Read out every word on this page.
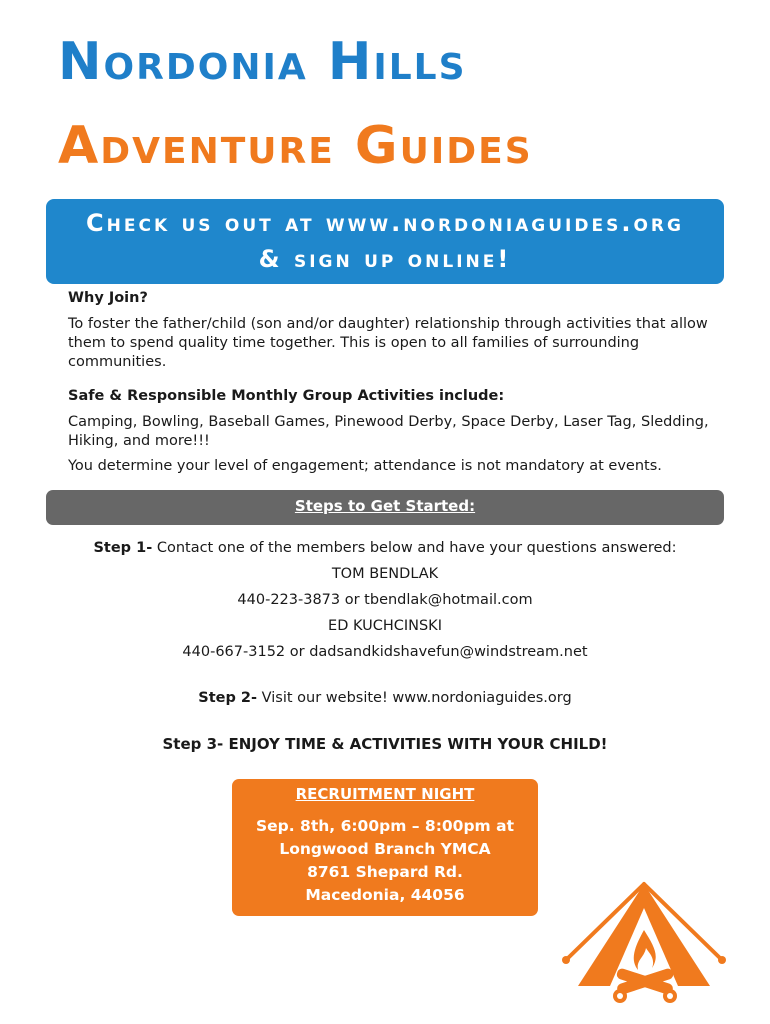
Nordonia Hills
Adventure Guides
Check us out at www.nordoniaguides.org
& sign up online!

Why Join?

To foster the father/child (son and/or daughter) relationship through activities that allow them to spend quality time together. This is open to all families of surrounding communities.

Safe & Responsible Monthly Group Activities include:

Camping, Bowling, Baseball Games, Pinewood Derby, Space Derby, Laser Tag, Sledding, Hiking, and more!!!

You determine your level of engagement; attendance is not mandatory at events.

Steps to Get Started:

Step 1- Contact one of the members below and have your questions answered:

TOM BENDLAK

440-223-3873 or tbendlak@hotmail.com

ED KUCHCINSKI

440-667-3152 or dadsandkidshavefun@windstream.net

Step 2- Visit our website! www.nordoniaguides.org

Step 3- ENJOY TIME & ACTIVITIES WITH YOUR CHILD!

RECRUITMENT NIGHT
Sep. 8th, 6:00pm – 8:00pm at
Longwood Branch YMCA
8761 Shepard Rd.
Macedonia, 44056
